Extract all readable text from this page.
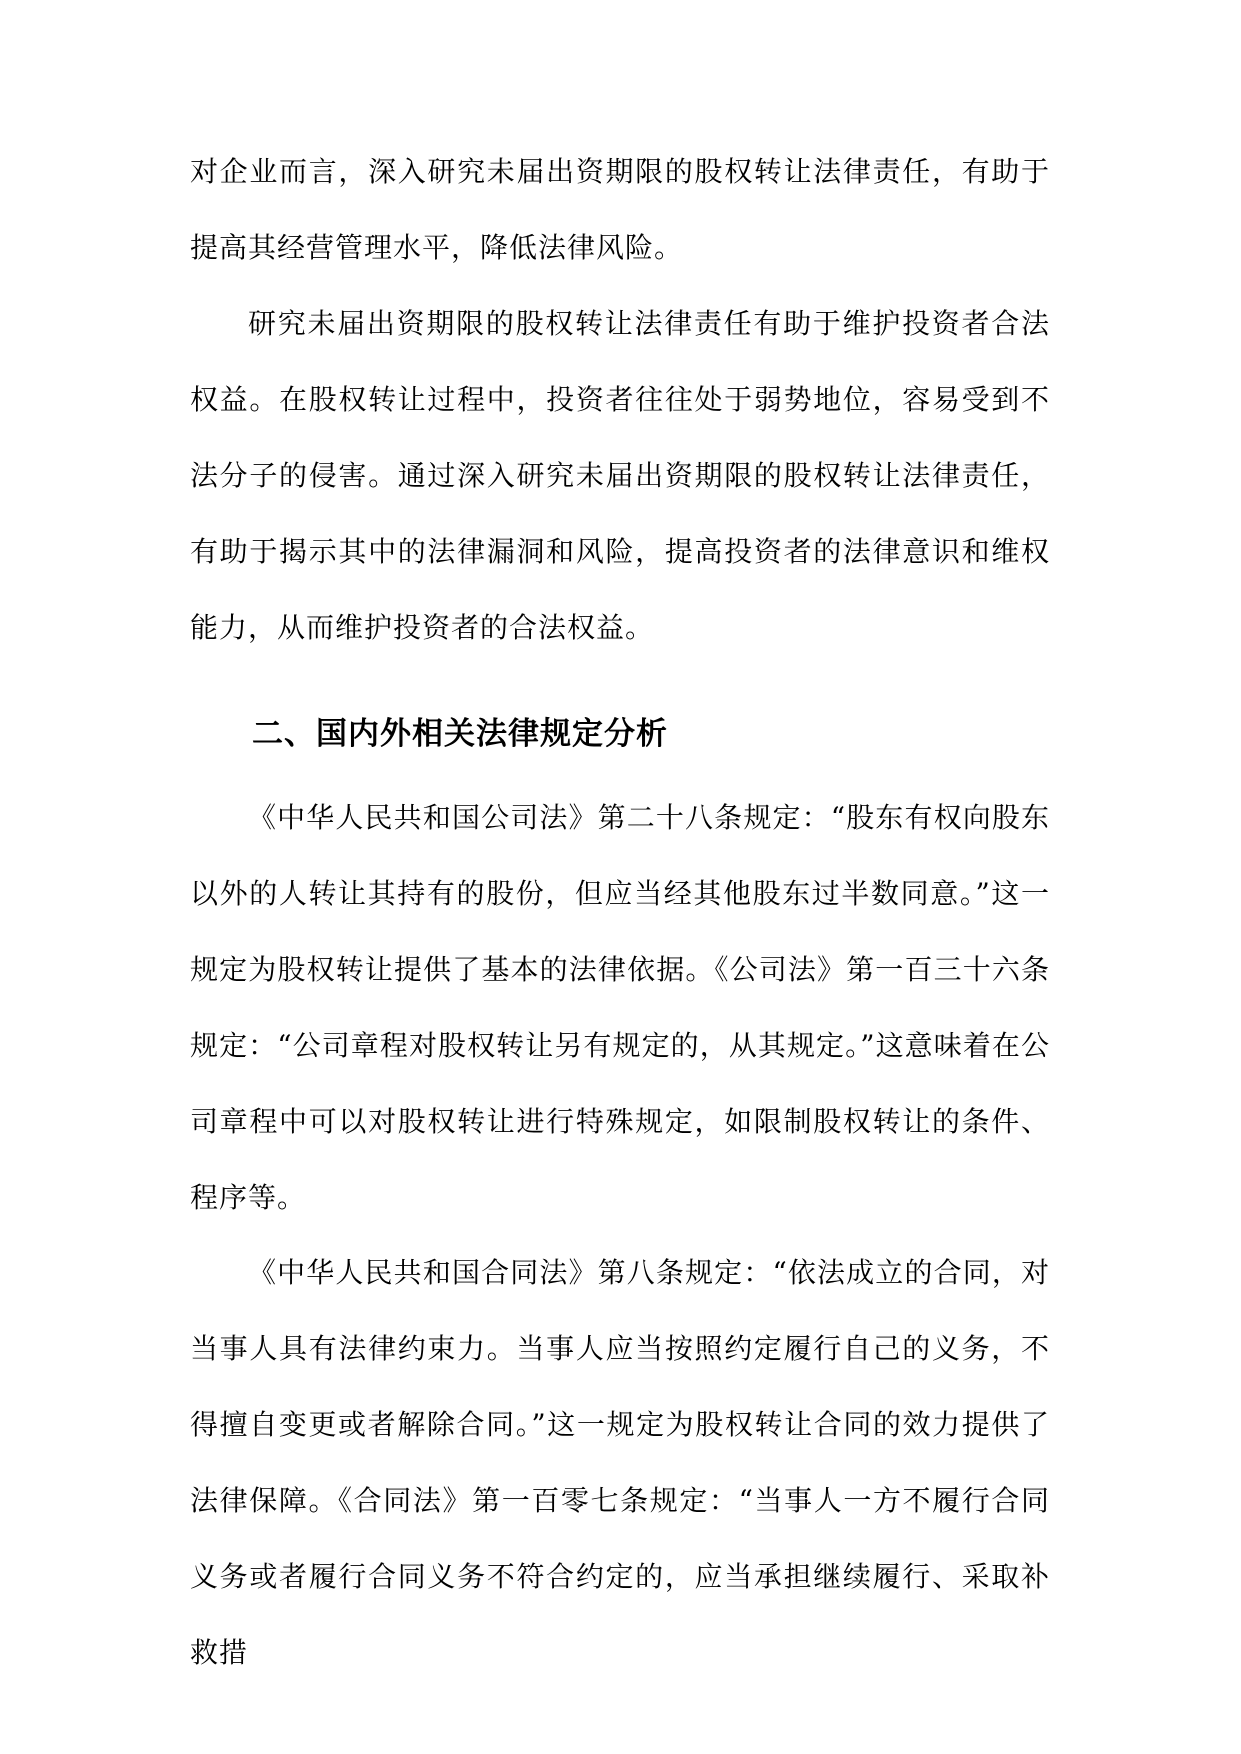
对企业而言，深入研究未届出资期限的股权转让法律责任，有助于提高其经营管理水平，降低法律风险。

研究未届出资期限的股权转让法律责任有助于维护投资者合法权益。在股权转让过程中，投资者往往处于弱势地位，容易受到不法分子的侵害。通过深入研究未届出资期限的股权转让法律责任，有助于揭示其中的法律漏洞和风险，提高投资者的法律意识和维权能力，从而维护投资者的合法权益。

二、国内外相关法律规定分析

《中华人民共和国公司法》第二十八条规定：“股东有权向股东以外的人转让其持有的股份，但应当经其他股东过半数同意。”这一规定为股权转让提供了基本的法律依据。《公司法》第一百三十六条规定：“公司章程对股权转让另有规定的，从其规定。”这意味着在公司章程中可以对股权转让进行特殊规定，如限制股权转让的条件、程序等。

《中华人民共和国合同法》第八条规定：“依法成立的合同，对当事人具有法律约束力。当事人应当按照约定履行自己的义务，不得擅自变更或者解除合同。”这一规定为股权转让合同的效力提供了法律保障。《合同法》第一百零七条规定：“当事人一方不履行合同义务或者履行合同义务不符合约定的，应当承担继续履行、采取补救措
